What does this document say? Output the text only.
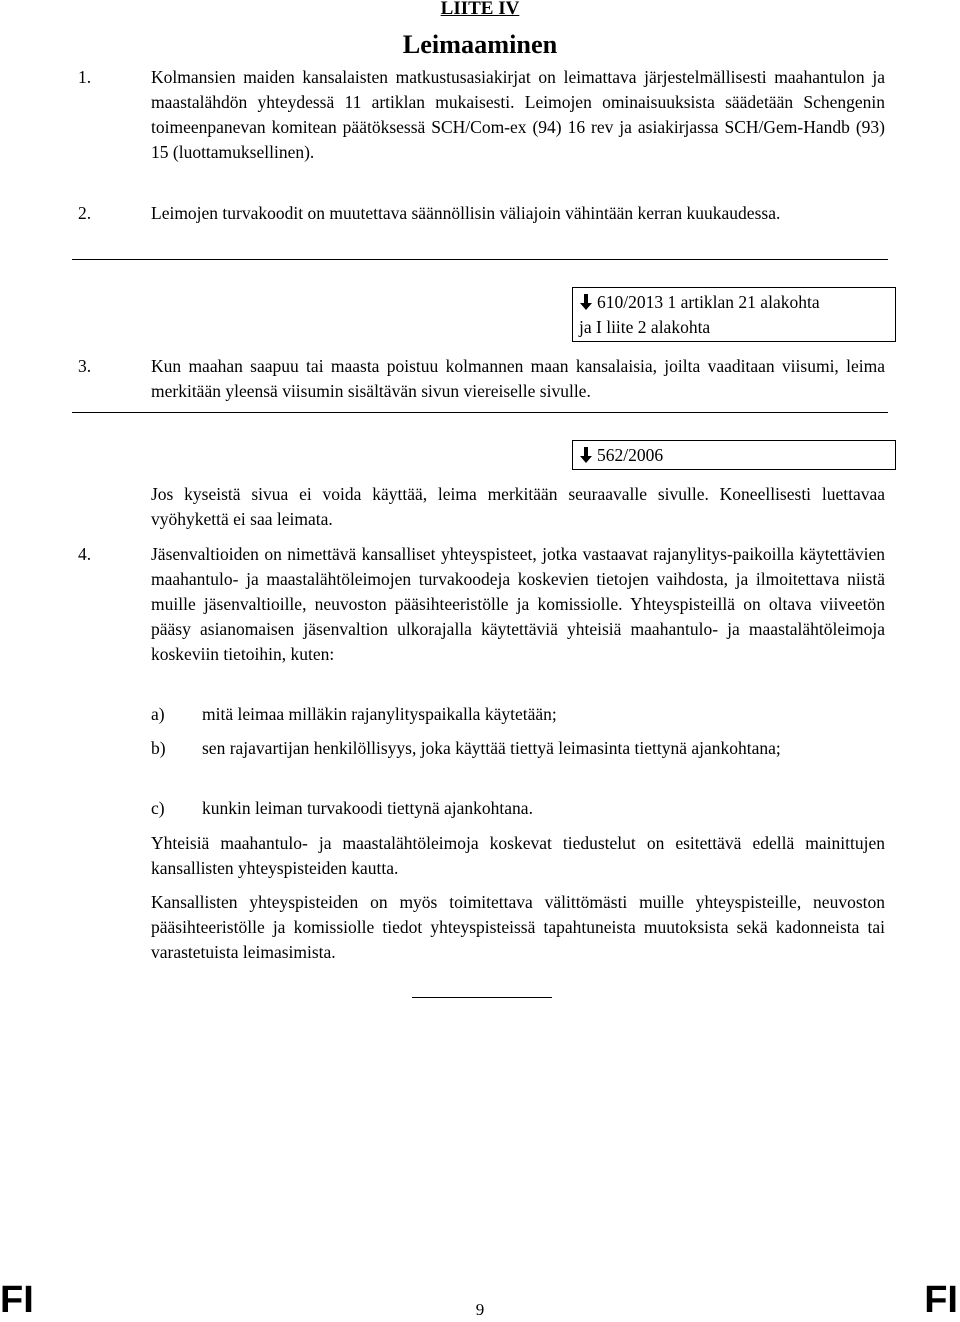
LIITE IV
Leimaaminen
1.	Kolmansien maiden kansalaisten matkustusasiakirjat on leimattava järjestelmällisesti maahantulon ja maastalähdön yhteydessä 11 artiklan mukaisesti. Leimojen ominaisuuksista säädetään Schengenin toimeenpanevan komitean päätöksessä SCH/Com-ex (94) 16 rev ja asiakirjassa SCH/Gem-Handb (93) 15 (luottamuksellinen).

2.	Leimojen turvakoodit on muutettava säännöllisin väliajoin vähintään kerran kuukaudessa.

610/2013 1 artiklan 21 alakohta
ja I liite 2 alakohta
3.	Kun maahan saapuu tai maasta poistuu kolmannen maan kansalaisia, joilta vaaditaan viisumi, leima merkitään yleensä viisumin sisältävän sivun viereiselle sivulle.

562/2006

Jos kyseistä sivua ei voida käyttää, leima merkitään seuraavalle sivulle. Koneellisesti luettavaa vyöhykettä ei saa leimata.

4.	Jäsenvaltioiden on nimettävä kansalliset yhteyspisteet, jotka vastaavat rajanylitys-paikoilla käytettävien maahantulo- ja maastalähtöleimojen turvakoodeja koskevien tietojen vaihdosta, ja ilmoitettava niistä muille jäsenvaltioille, neuvoston pääsihteeristölle ja komissiolle. Yhteyspisteillä on oltava viiveetön pääsy asianomaisen jäsenvaltion ulkorajalla käytettäviä yhteisiä maahantulo- ja maastalähtöleimoja koskeviin tietoihin, kuten:

a) mitä leimaa milläkin rajanylityspaikalla käytetään;

b) sen rajavartijan henkilöllisyys, joka käyttää tiettyä leimasinta tiettynä ajankohtana;

c) kunkin leiman turvakoodi tiettynä ajankohtana.

Yhteisiä maahantulo- ja maastalähtöleimoja koskevat tiedustelut on esitettävä edellä mainittujen kansallisten yhteyspisteiden kautta.

Kansallisten yhteyspisteiden on myös toimitettava välittömästi muille yhteyspisteille, neuvoston pääsihteeristölle ja komissiolle tiedot yhteyspisteissä tapahtuneista muutoksista sekä kadonneista tai varastetuista leimasimista.

FI	9	FI
